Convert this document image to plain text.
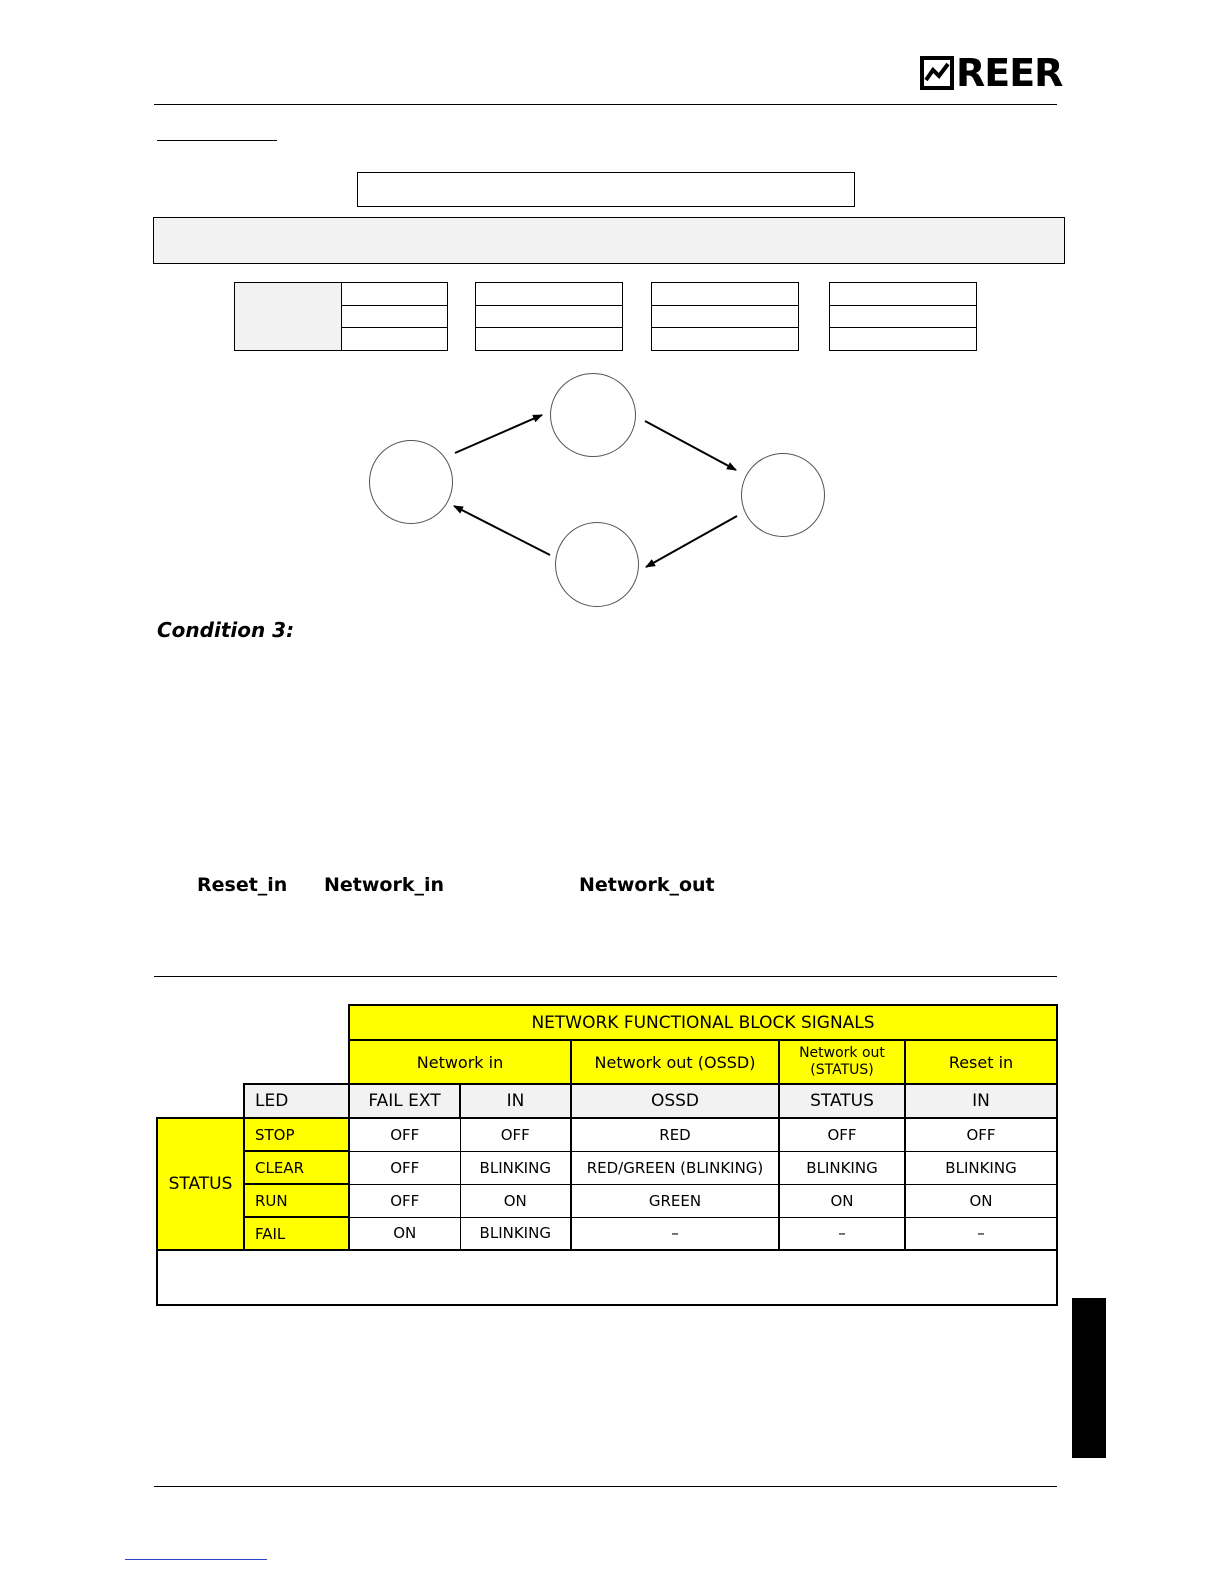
REER
Condition 3:
Reset_in Network_in	Network_out
		NETWORK FUNCTIONAL BLOCK SIGNALS				
		Network in		Network out (OSSD)	Network out
(STATUS)	Reset in
	LED	FAIL EXT	IN	OSSD	STATUS	IN
STATUS	STOP	OFF	OFF	RED	OFF	OFF
	CLEAR	OFF	BLINKING	RED/GREEN (BLINKING)	BLINKING	BLINKING
	RUN	OFF	ON	GREEN	ON	ON
	FAIL	ON	BLINKING	–	–	–
